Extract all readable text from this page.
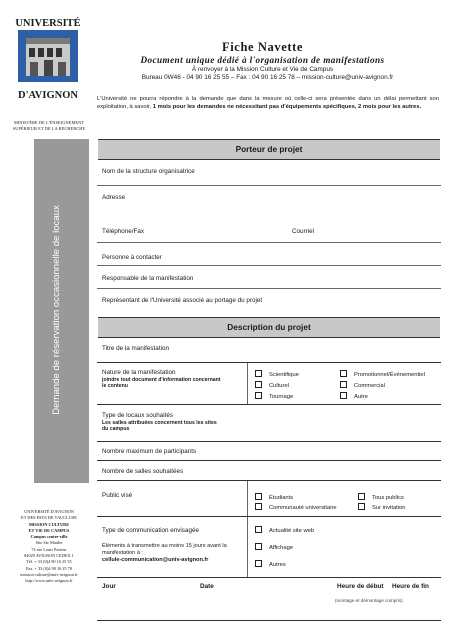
UNIVERSITÉ
D'AVIGNON
MINISTÈRE DE L'ENSEIGNEMENT
SUPÉRIEUR ET DE LA RECHERCHE
Fiche Navette
Document unique dédié à l'organisation de manifestations
À renvoyer à la Mission Culture et Vie de Campus
Bureau 0W46 - 04 90 16 25 55 – Fax : 04 90 16 25 78 – mission-culture@univ-avignon.fr
L'Université ne pourra répondre à la demande que dans la mesure où celle-ci sera présentée dans un délai permettant son exploitation, à savoir, 1 mois pour les demandes ne nécessitant pas d'équipements spécifiques, 2 mois pour les autres.
Demande de réservation occasionnelle de locaux
Porteur de projet
Nom de la structure organisatrice
Adresse
Téléphone/Fax	Courriel
Personne à contacter
Responsable de la manifestation
Représentant de l'Université associé au portage du projet
Description du projet
Titre de la manifestation
Nature de la manifestation
joindre tout document d'information concernant
le contenu
Scientifique
Culturel
Tournage
Promotionnel/Événementiel
Commercial
Autre
Type de locaux souhaités
Les salles attribuées concernent tous les sites
du campus
Nombre maximum de participants
Nombre de salles souhaitées
Public visé	Étudiants
Communauté universitaire
Tous publics
Sur invitation
Type de communication envisagée
Éléments à transmettre au moins 15 jours avant la
manifestation à :
cellule-communication@univ-avignon.fr
Actualité site web
Affichage
Autres
Jour	Date	Heure de début Heure de fin
(montage et démontage compris)
UNIVERSITÉ D'AVIGNON
ET DES PAYS DE VAUCLUSE
MISSION CULTURE
ET VIE DE CAMPUS
Campus centre-ville
Site Ste Marthe
74 rue Louis Pasteur
84029 AVIGNON CEDEX 1
Tél. + 33 (0)4 90 16 25 55
Fax. + 33 (0)4 90 16 25 78
mission-culture@univ-avignon.fr
http://www.univ-avignon.fr
